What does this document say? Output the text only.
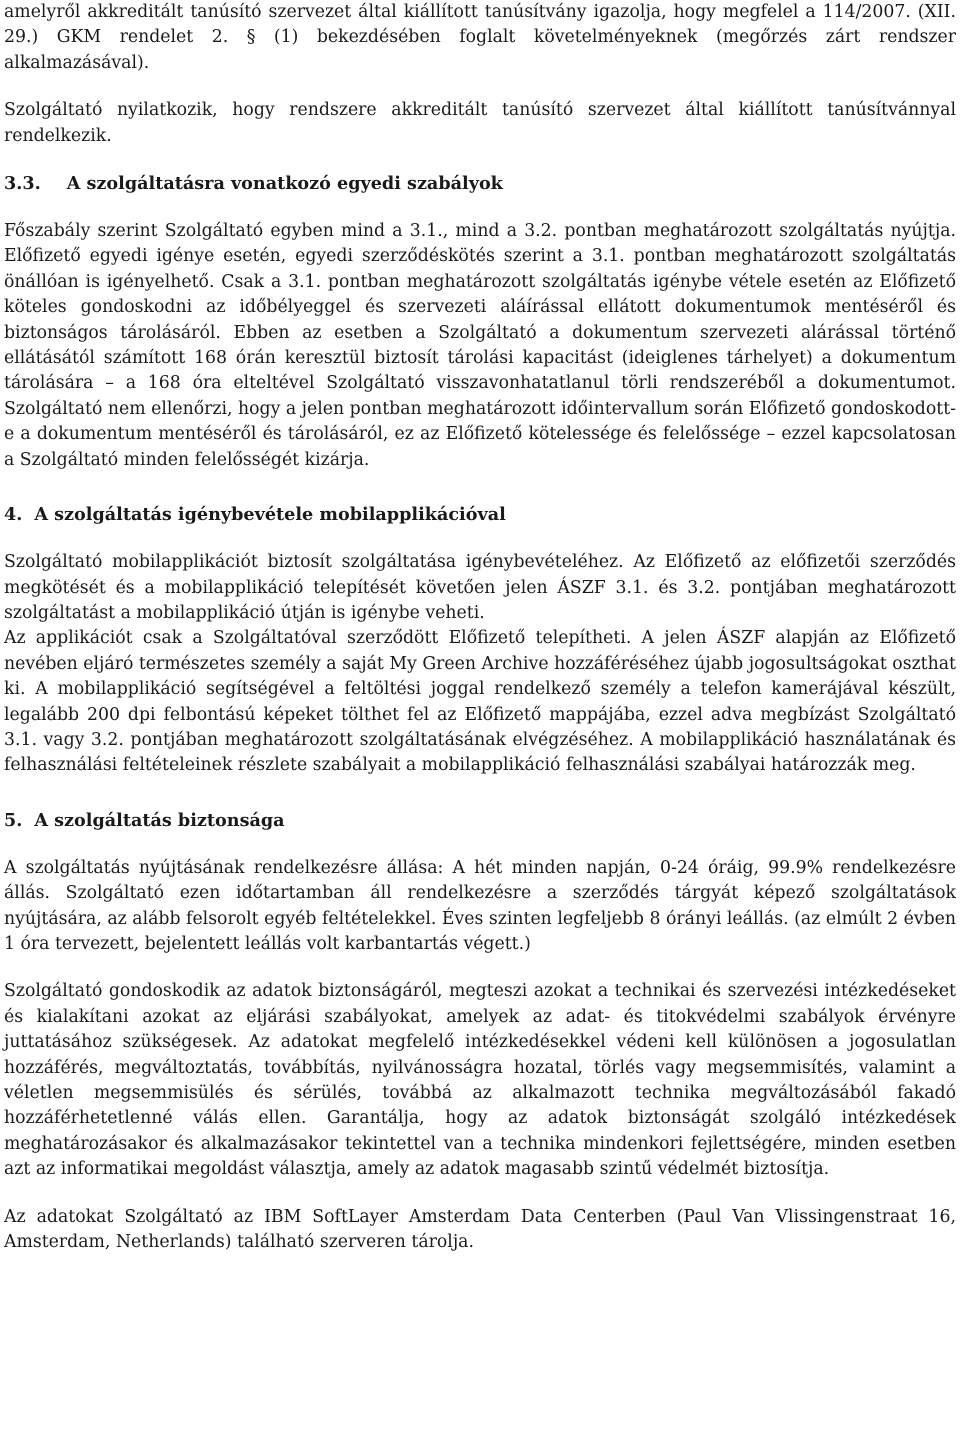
amelyről akkreditált tanúsító szervezet által kiállított tanúsítvány igazolja, hogy megfelel a 114/2007. (XII. 29.) GKM rendelet 2. § (1) bekezdésében foglalt követelményeknek (megőrzés zárt rendszer alkalmazásával).

Szolgáltató nyilatkozik, hogy rendszere akkreditált tanúsító szervezet által kiállított tanúsítvánnyal rendelkezik.

3.3. A szolgáltatásra vonatkozó egyedi szabályok

Főszabály szerint Szolgáltató egyben mind a 3.1., mind a 3.2. pontban meghatározott szolgáltatás nyújtja. Előfizető egyedi igénye esetén, egyedi szerződéskötés szerint a 3.1. pontban meghatározott szolgáltatás önállóan is igényelhető. Csak a 3.1. pontban meghatározott szolgáltatás igénybe vétele esetén az Előfizető köteles gondoskodni az időbélyeggel és szervezeti aláírással ellátott dokumentumok mentéséről és biztonságos tárolásáról. Ebben az esetben a Szolgáltató a dokumentum szervezeti alárással történő ellátásától számított 168 órán keresztül biztosít tárolási kapacitást (ideiglenes tárhelyet) a dokumentum tárolására – a 168 óra elteltével Szolgáltató visszavonhatatlanul törli rendszeréből a dokumentumot. Szolgáltató nem ellenőrzi, hogy a jelen pontban meghatározott időintervallum során Előfizető gondoskodott-e a dokumentum mentéséről és tárolásáról, ez az Előfizető kötelessége és felelőssége – ezzel kapcsolatosan a Szolgáltató minden felelősségét kizárja.

4. A szolgáltatás igénybevétele mobilapplikációval

Szolgáltató mobilapplikációt biztosít szolgáltatása igénybevételéhez. Az Előfizető az előfizetői szerződés megkötését és a mobilapplikáció telepítését követően jelen ÁSZF 3.1. és 3.2. pontjában meghatározott szolgáltatást a mobilapplikáció útján is igénybe veheti.

Az applikációt csak a Szolgáltatóval szerződött Előfizető telepítheti. A jelen ÁSZF alapján az Előfizető nevében eljáró természetes személy a saját My Green Archive hozzáféréséhez újabb jogosultságokat oszthat ki. A mobilapplikáció segítségével a feltöltési joggal rendelkező személy a telefon kamerájával készült, legalább 200 dpi felbontású képeket tölthet fel az Előfizető mappájába, ezzel adva megbízást Szolgáltató 3.1. vagy 3.2. pontjában meghatározott szolgáltatásának elvégzéséhez. A mobilapplikáció használatának és felhasználási feltételeinek részlete szabályait a mobilapplikáció felhasználási szabályai határozzák meg.

5. A szolgáltatás biztonsága

A szolgáltatás nyújtásának rendelkezésre állása: A hét minden napján, 0-24 óráig, 99.9% rendelkezésre állás. Szolgáltató ezen időtartamban áll rendelkezésre a szerződés tárgyát képező szolgáltatások nyújtására, az alább felsorolt egyéb feltételekkel. Éves szinten legfeljebb 8 órányi leállás. (az elmúlt 2 évben 1 óra tervezett, bejelentett leállás volt karbantartás végett.)

Szolgáltató gondoskodik az adatok biztonságáról, megteszi azokat a technikai és szervezési intézkedéseket és kialakítani azokat az eljárási szabályokat, amelyek az adat- és titokvédelmi szabályok érvényre juttatásához szükségesek. Az adatokat megfelelő intézkedésekkel védeni kell különösen a jogosulatlan hozzáférés, megváltoztatás, továbbítás, nyilvánosságra hozatal, törlés vagy megsemmisítés, valamint a véletlen megsemmisülés és sérülés, továbbá az alkalmazott technika megváltozásából fakadó hozzáférhetetlenné válás ellen. Garantálja, hogy az adatok biztonságát szolgáló intézkedések meghatározásakor és alkalmazásakor tekintettel van a technika mindenkori fejlettségére, minden esetben azt az informatikai megoldást választja, amely az adatok magasabb szintű védelmét biztosítja.

Az adatokat Szolgáltató az IBM SoftLayer Amsterdam Data Centerben (Paul Van Vlissingenstraat 16, Amsterdam, Netherlands) található szerveren tárolja.
